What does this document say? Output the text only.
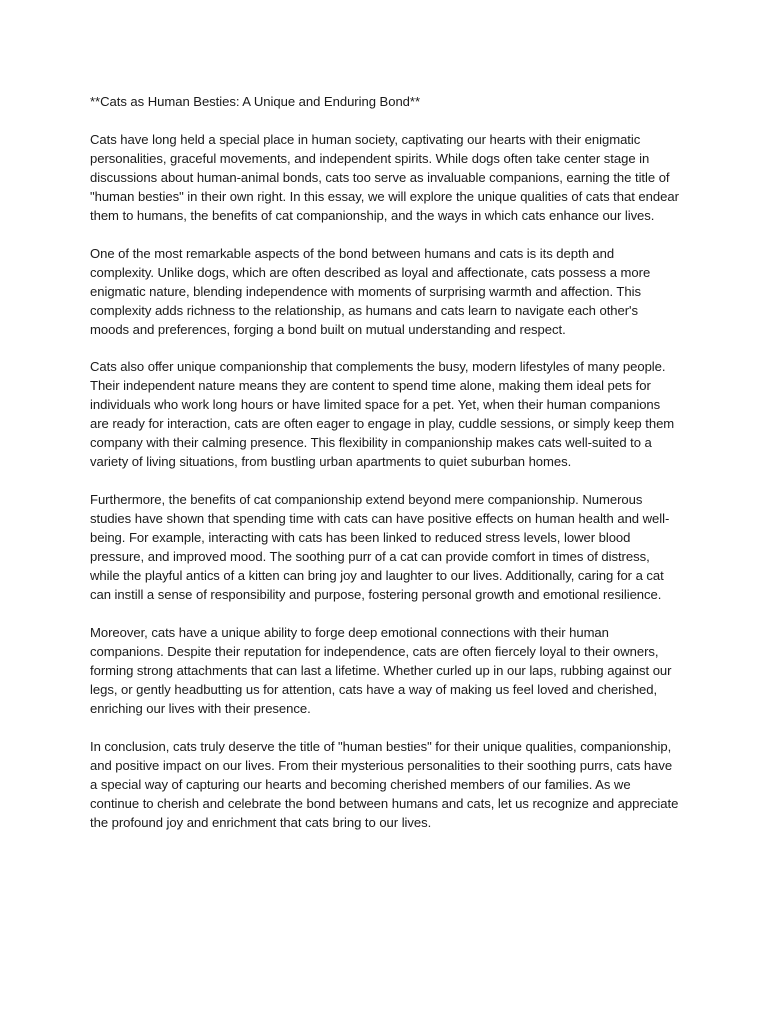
**Cats as Human Besties: A Unique and Enduring Bond**

Cats have long held a special place in human society, captivating our hearts with their enigmatic personalities, graceful movements, and independent spirits. While dogs often take center stage in discussions about human-animal bonds, cats too serve as invaluable companions, earning the title of "human besties" in their own right. In this essay, we will explore the unique qualities of cats that endear them to humans, the benefits of cat companionship, and the ways in which cats enhance our lives.

One of the most remarkable aspects of the bond between humans and cats is its depth and complexity. Unlike dogs, which are often described as loyal and affectionate, cats possess a more enigmatic nature, blending independence with moments of surprising warmth and affection. This complexity adds richness to the relationship, as humans and cats learn to navigate each other's moods and preferences, forging a bond built on mutual understanding and respect.

Cats also offer unique companionship that complements the busy, modern lifestyles of many people. Their independent nature means they are content to spend time alone, making them ideal pets for individuals who work long hours or have limited space for a pet. Yet, when their human companions are ready for interaction, cats are often eager to engage in play, cuddle sessions, or simply keep them company with their calming presence. This flexibility in companionship makes cats well-suited to a variety of living situations, from bustling urban apartments to quiet suburban homes.

Furthermore, the benefits of cat companionship extend beyond mere companionship. Numerous studies have shown that spending time with cats can have positive effects on human health and well-being. For example, interacting with cats has been linked to reduced stress levels, lower blood pressure, and improved mood. The soothing purr of a cat can provide comfort in times of distress, while the playful antics of a kitten can bring joy and laughter to our lives. Additionally, caring for a cat can instill a sense of responsibility and purpose, fostering personal growth and emotional resilience.

Moreover, cats have a unique ability to forge deep emotional connections with their human companions. Despite their reputation for independence, cats are often fiercely loyal to their owners, forming strong attachments that can last a lifetime. Whether curled up in our laps, rubbing against our legs, or gently headbutting us for attention, cats have a way of making us feel loved and cherished, enriching our lives with their presence.

In conclusion, cats truly deserve the title of "human besties" for their unique qualities, companionship, and positive impact on our lives. From their mysterious personalities to their soothing purrs, cats have a special way of capturing our hearts and becoming cherished members of our families. As we continue to cherish and celebrate the bond between humans and cats, let us recognize and appreciate the profound joy and enrichment that cats bring to our lives.
